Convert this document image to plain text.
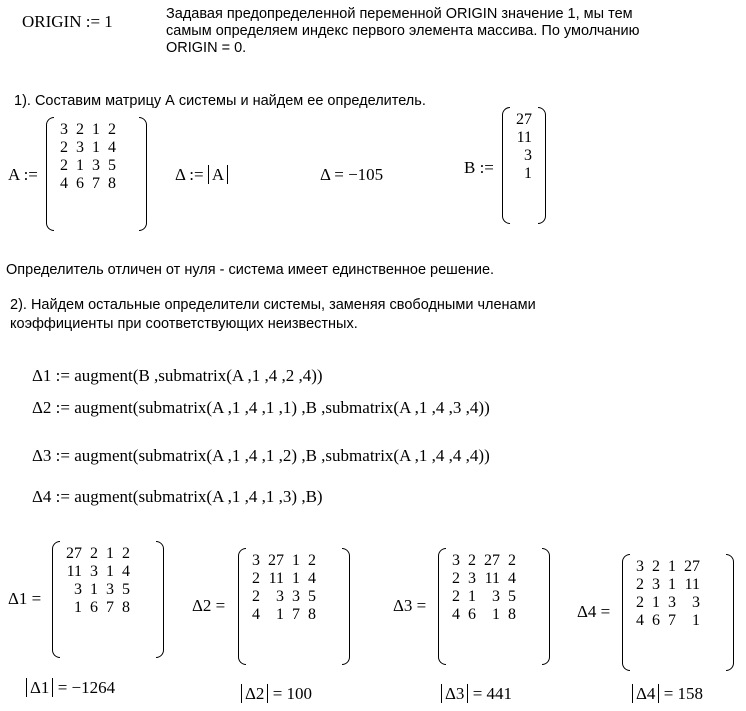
ORIGIN := 1	Задавая предопределенной переменной ORIGIN значение 1, мы тем
самым определяем индекс первого элемента массива. По умолчанию
ORIGIN = 0.
1). Составим матрицу А системы и найдем ее определитель.
A :=
3	2	1	2
2	3	1	4
2	1	3	5
4	6	7	8	Δ := A	Δ = −105	B :=
27
11
3
1
Определитель отличен от нуля - система имеет единственное решение.
2). Найдем остальные определители системы, заменяя свободными членами
коэффициенты при соответствующих неизвестных.
Δ1 := augment(B ,submatrix(A ,1 ,4 ,2 ,4))
Δ2 := augment(submatrix(A ,1 ,4 ,1 ,1) ,B ,submatrix(A ,1 ,4 ,3 ,4))
Δ3 := augment(submatrix(A ,1 ,4 ,1 ,2) ,B ,submatrix(A ,1 ,4 ,4 ,4))
Δ4 := augment(submatrix(A ,1 ,4 ,1 ,3) ,B)
Δ1 =
27	2	1	2
11	3	1	4
3	1	3	5
1	6	7	8	Δ2 =
3	27	1	2
2	11	1	4
2	3	3	5
4	1	7	8	Δ3 =
3	2	27	2
2	3	11	4
2	1	3	5
4	6	1	8	Δ4 =
3	2	1	27
2	3	1	11
2	1	3	3
4	6	7	1
Δ1 = −1264	Δ2 = 100	Δ3 = 441	Δ4 = 158
